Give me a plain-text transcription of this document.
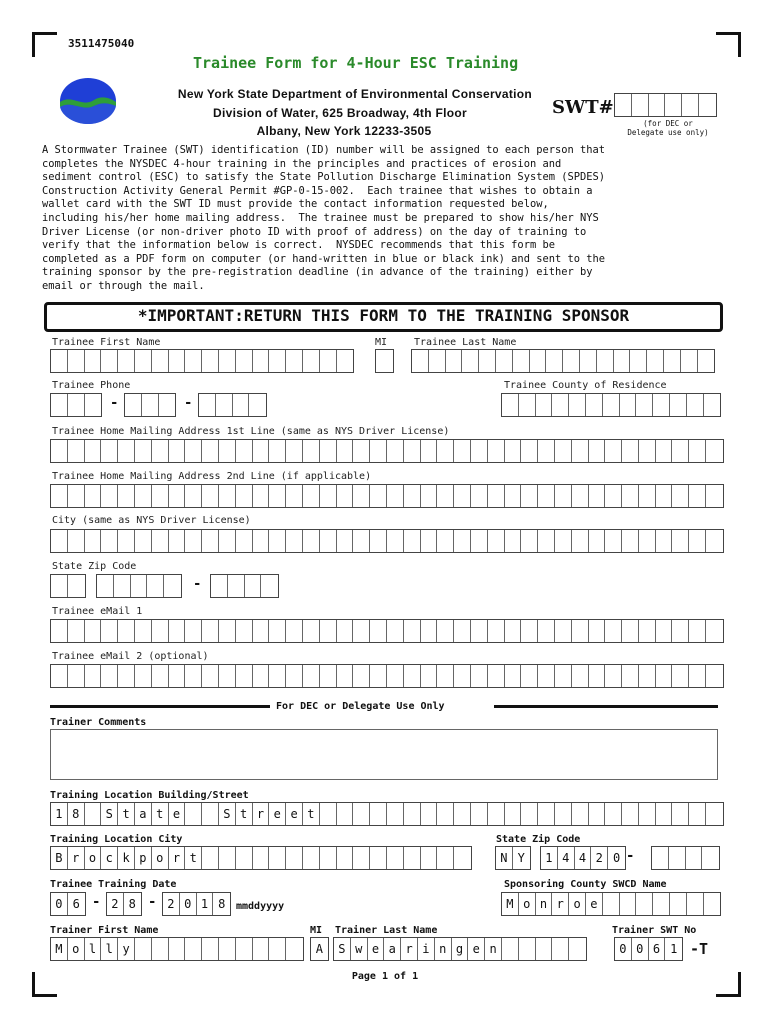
3511475040
Trainee Form for 4-Hour ESC Training
New York State Department of Environmental Conservation
Division of Water, 625 Broadway, 4th Floor
Albany, New York 12233-3505
SWT#
(for DEC or
Delegate use only)
A Stormwater Trainee (SWT) identification (ID) number will be assigned to each person that
completes the NYSDEC 4-hour training in the principles and practices of erosion and
sediment control (ESC) to satisfy the State Pollution Discharge Elimination System (SPDES)
Construction Activity General Permit #GP-0-15-002.  Each trainee that wishes to obtain a
wallet card with the SWT ID must provide the contact information requested below,
including his/her home mailing address.  The trainee must be prepared to show his/her NYS
Driver License (or non-driver photo ID with proof of address) on the day of training to
verify that the information below is correct.  NYSDEC recommends that this form be
completed as a PDF form on computer (or hand-written in blue or black ink) and sent to the
training sponsor by the pre-registration deadline (in advance of the training) either by
email or through the mail.
*IMPORTANT:RETURN THIS FORM TO THE TRAINING SPONSOR
Trainee First Name	MI	Trainee Last Name
Trainee Phone	Trainee County of Residence
-	-
Trainee Home Mailing Address 1st Line (same as NYS Driver License)
Trainee Home Mailing Address 2nd Line (if applicable)
City (same as NYS Driver License)
State Zip Code
-
Trainee eMail 1
Trainee eMail 2 (optional)
For DEC or Delegate Use Only
Trainer Comments
Training Location Building/Street
1 8	S t a t e	S t r e e t
Training Location City	State Zip Code
B r o c k p o r t	N Y	1 4 4 2 0 -
Trainee Training Date	Sponsoring County SWCD Name
0 6 - 2 8 - 2 0 1 8	mmddyyyy	M o n r o e
Trainer First Name	MI Trainer Last Name	Trainer SWT No
M o l l y	A	S w e a r i n g e n	0 0 6 1 -T
Page 1 of 1
